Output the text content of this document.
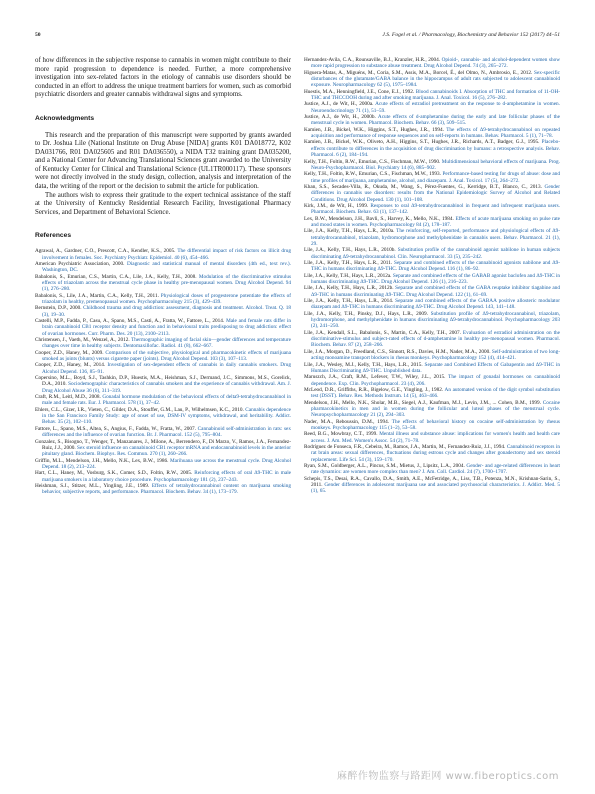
50	J.S. Fogel et al. / Pharmacology, Biochemistry and Behavior 152 (2017) 44–51

of how differences in the subjective response to cannabis in women might contribute to their more rapid progression to dependence is needed. Further, a more comprehensive investigation into sex-related factors in the etiology of cannabis use disorders should be conducted in an effort to address the unique treatment barriers for women, such as comorbid psychiatric disorders and greater cannabis withdrawal signs and symptoms.

Acknowledgments

This research and the preparation of this manuscript were supported by grants awarded to Dr. Joshua Lile (National Institute on Drug Abuse [NIDA] grants K01 DA018772, K02 DA031766, R01 DA025605 and R01 DA036550), a NIDA T32 training grant DA035200, and a National Center for Advancing Translational Sciences grant awarded to the University of Kentucky Center for Clinical and Translational Science (UL1TR000117). These sponsors were not directly involved in the study design, collection, analysis and interpretation of the data, the writing of the report or the decision to submit the article for publication.

The authors wish to express their gratitude to the expert technical assistance of the staff at the University of Kentucky Residential Research Facility, Investigational Pharmacy Services, and Department of Behavioral Science.

References
Agrawal, A., Gardner, C.O., Prescott, C.A., Kendler, K.S., 2005. The differential impact of risk factors on illicit drug involvement in females. Soc. Psychiatry Psychiatr. Epidemiol. 40 (6), 454–466.
American Psychiatric Association, 2000. Diagnostic and statistical manual of mental disorders (4th ed., text rev.). Washington, DC.
Babalonis, S., Emurian, C.S., Martin, C.A., Lile, J.A., Kelly, T.H., 2008. Modulation of the discriminative stimulus effects of triazolam across the menstrual cycle phase in healthy pre-menopausal women. Drug Alcohol Depend. 94 (1), 276–280.
Babalonis, S., Lile, J.A., Martin, C.A., Kelly, T.H., 2011. Physiological doses of progesterone potentiate the effects of triazolam in healthy, premenopausal women. Psychopharmacology 215 (3), 429–439.
Bernstein, D.P., 2000. Childhood trauma and drug addiction: assessment, diagnosis and treatment. Alcohol. Treat. Q. 18 (3), 19–30.
Castelli, M.P., Fadda, P., Casu, A., Spano, M.S., Casti, A., Fratta, W., Fattore, L., 2014. Male and female rats differ in brain cannabinoid CB1 receptor density and function and in behavioural traits predisposing to drug addiction: effect of ovarian hormones. Curr. Pharm. Des. 20 (13), 2100–2113.
Christensen, J., Vaeth, M., Wenzel, A., 2012. Thermographic imaging of facial skin—gender differences and temperature changes over time in healthy subjects. Dentomaxillofac. Radiol. 41 (8), 662–667.
Cooper, Z.D., Haney, M., 2009. Comparison of the subjective, physiological and pharmacokinetic effects of marijuana smoked as joints (blunts) versus cigarette paper (joints). Drug Alcohol Depend. 103 (3), 107–113.
Cooper, Z.D., Haney, M., 2014. Investigation of sex-dependent effects of cannabis in daily cannabis smokers. Drug Alcohol Depend. 136, 85–91.
Copersino, M.L., Boyd, S.J., Tashkin, D.P., Huestis, M.A., Heishman, S.J., Dermand, J.C., Simmons, M.S., Gorelick, D.A., 2010. Sociodemographic characteristics of cannabis smokers and the experience of cannabis withdrawal. Am. J. Drug Alcohol Abuse 36 (6), 311–319.
Craft, R.M., Leitl, M.D., 2008. Gonadal hormone modulation of the behavioral effects of delta9-tetrahydrocannabinol in male and female rats. Eur. J. Pharmacol. 578 (1), 37–42.
Ehlers, C.L., Gizer, I.R., Vieten, C., Gilder, D.A., Stouffer, G.M., Lau, P., Wilhelmsen, K.C., 2010. Cannabis dependence in the San Francisco Family Study: age of onset of use, DSM-IV symptoms, withdrawal, and heritability. Addict. Behav. 35 (2), 102–110.
Fattore, L., Spano, M.S., Altea, S., Angius, F., Fadda, W., Fratta, W., 2007. Cannabinoid self-administration in rats: sex differences and the influence of ovarian function. Br. J. Pharmacol. 152 (5), 795–804.
Gonzalez, S., Bisogno, T., Wenger, T., Manzanares, J., Milone, A., Berrendero, F., Di Marzo, V., Ramos, J.A., Fernandez-Ruiz, J.J., 2000. Sex steroid influence on cannabinoid CB1 receptor mRNA and endocannabinoid levels in the anterior pituitary gland. Biochem. Biophys. Res. Commun. 270 (1), 260–266.
Griffin, M.L., Mendelson, J.H., Mello, N.K., Lex, B.W., 1986. Marihuana use across the menstrual cycle. Drug Alcohol Depend. 18 (2), 213–224.
Hart, C.L., Haney, M., Vosburg, S.K., Comer, S.D., Foltin, R.W., 2005. Reinforcing effects of oral Δ9-THC in male marijuana smokers in a laboratory choice procedure. Psychopharmacology 181 (2), 237–243.
Heishman, S.J., Stitzer, M.L., Yingling, J.E., 1989. Effects of tetrahydrocannabinol content on marijuana smoking behavior, subjective reports, and performance. Pharmacol. Biochem. Behav. 34 (1), 173–179.
Hernandez-Avila, C.A., Rounsaville, B.J., Kranzler, H.R., 2004. Opioid-, cannabis- and alcohol-dependent women show more rapid progression to substance abuse treatment. Drug Alcohol Depend. 74 (3), 265–272.
Higuera-Matas, A., Miguéns, M., Coria, S.M., Assis, M.A., Borcel, É., del Olmo, N., Ambrosio, E., 2012. Sex-specific disturbances of the glutamate/GABA balance in the hippocampus of adult rats subjected to adolescent cannabinoid exposure. Neuropharmacology 62 (5), 1975–1984.
Huestis, M.A., Henningfield, J.E., Cone, E.J., 1992. Blood cannabinoids I. Absorption of THC and formation of 11-OH-THC and THCCOOH during and after smoking marijuana. J. Anal. Toxicol. 16 (5), 276–282.
Justice, A.J., de Wit, H., 2000a. Acute effects of estradiol pretreatment on the response to d-amphetamine in women. Neuroendocrinology 71 (1), 51–59.
Justice, A.J., de Wit, H., 2000b. Acute effects of d-amphetamine during the early and late follicular phases of the menstrual cycle in women. Pharmacol. Biochem. Behav. 66 (3), 509–515.
Kamien, J.B., Bickel, W.K., Higgins, S.T., Hughes, J.R., 1994. The effects of Δ9-tetrahydrocannabinol on repeated acquisition and performance of response sequences and on self-reports in humans. Behav. Pharmacol. 5 (1), 71–78.
Kamien, J.B., Bickel, W.K., Oliveto, A.H., Higgins, S.T., Hughes, J.R., Richards, A.T., Badger, G.J., 1995. Placebo-effects contribute to differences in the acquisition of drug discrimination by humans: a retrospective analysis. Behav. Pharmacol. 6 (2), 184–194.
Kelly, T.H., Foltin, R.W., Emurian, C.S., Fischman, M.W., 1990. Multidimensional behavioral effects of marijuana. Prog. Neuro-Psychopharmacol. Biol. Psychiatry 14 (6), 885–902.
Kelly, T.H., Foltin, R.W., Emurian, C.S., Fischman, M.W., 1993. Performance-based testing for drugs of abuse: dose and time profiles of marijuana, amphetamine, alcohol, and diazepam. J. Anal. Toxicol. 17 (5), 264–272.
Khan, S.S., Secades-Villa, R., Okuda, M., Wang, S., Pérez-Fuentes, G., Kerridge, B.T., Blanco, C., 2013. Gender differences in cannabis use disorders: results from the National Epidemiologic Survey of Alcohol and Related Conditions. Drug Alcohol Depend. 130 (1), 101–108.
Kirk, J.M., de Wit, H., 1999. Responses to oral Δ9-tetrahydrocannabinol in frequent and infrequent marijuana users. Pharmacol. Biochem. Behav. 63 (1), 137–142.
Lex, B.W., Mendelson, J.H., Bavli, S., Harvey, K., Mello, N.K., 1984. Effects of acute marijuana smoking on pulse rate and mood states in women. Psychopharmacology 84 (2), 178–187.
Lile, J.A., Kelly, T.H., Hays, L.R., 2010a. The reinforcing, self-reported, performance and physiological effects of Δ9-tetrahydrocannabinol, triazolam, hydromorphone and methylphenidate in cannabis users. Behav. Pharmacol. 21 (1), 29.
Lile, J.A., Kelly, T.H., Hays, L.R., 2010b. Substitution profile of the cannabinoid agonist nabilone in human subjects discriminating Δ9-tetrahydrocannabinol. Clin. Neuropharmacol. 33 (5), 235–242.
Lile, J.A., Kelly, T.H., Hays, L.R., 2011. Separate and combined effects of the cannabinoid agonists nabilone and Δ9-THC in humans discriminating Δ9-THC. Drug Alcohol Depend. 116 (1), 86–92.
Lile, J.A., Kelly, T.H., Hays, L.R., 2012a. Separate and combined effects of the GABAB agonist baclofen and Δ9-THC in humans discriminating Δ9-THC. Drug Alcohol Depend. 126 (1), 216–223.
Lile, J.A., Kelly, T.H., Hays, L.R., 2012b. Separate and combined effects of the GABA reuptake inhibitor tiagabine and Δ9-THC in humans discriminating Δ9-THC. Drug Alcohol Depend. 122 (1), 61–69.
Lile, J.A., Kelly, T.H., Hays, L.R., 2014. Separate and combined effects of the GABAA positive allosteric modulator diazepam and Δ9-THC in humans discriminating Δ9-THC. Drug Alcohol Depend. 143, 141–148.
Lile, J.A., Kelly, T.H., Pinsky, D.J., Hays, L.R., 2009. Substitution profile of Δ9-tetrahydrocannabinol, triazolam, hydromorphone, and methylphenidate in humans discriminating Δ9-tetrahydrocannabinol. Psychopharmacology 203 (2), 241–250.
Lile, J.A., Kendall, S.L., Babalonis, S., Martin, C.A., Kelly, T.H., 2007. Evaluation of estradiol administration on the discriminative-stimulus and subject-rated effects of d-amphetamine in healthy pre-menopausal women. Pharmacol. Biochem. Behav. 87 (2), 258–266.
Lile, J.A., Morgan, D., Freedland, C.S., Sinnott, R.S., Davies, H.M., Nader, M.A., 2000. Self-administration of two long-acting monoamine transport blockers in rhesus monkeys. Psychopharmacology 152 (4), 414–421.
Lile, J.A., Wesley, M.J., Kelly, T.H., Hays, L.R., 2015. Separate and Combined Effects of Gabapentin and Δ9-THC in Humans Discriminating Δ9-THC. Unpublished data.
Maruszch, J.A., Craft, R.M., Lefever, T.W., Wiley, J.L., 2015. The impact of gonadal hormones on cannabinoid dependence. Exp. Clin. Psychopharmacol. 23 (4), 206.
McLeod, D.R., Griffiths, R.R., Bigelow, G.E., Yingling, J., 1982. An automated version of the digit symbol substitution test (DSST). Behav. Res. Methods Instrum. 14 (5), 463–466.
Mendelson, J.H., Mello, N.K., Sholar, M.B., Siegel, A.J., Kaufman, M.J., Levin, J.M., ... Cohen, B.M., 1999. Cocaine pharmacokinetics in men and in women during the follicular and luteal phases of the menstrual cycle. Neuropsychopharmacology 21 (2), 294–303.
Nader, M.A., Reboussin, D.M., 1994. The effects of behavioral history on cocaine self-administration by rhesus monkeys. Psychopharmacology 115 (1–2), 53–58.
Reed, B.G., Mowbray, C.T., 1999. Mental illness and substance abuse: implications for women's health and health care access. J. Am. Med. Women's Assoc. 54 (2), 71–78.
Rodríguez de Fonseca, F.R., Cebeira, M., Ramos, J.A., Martin, M., Fernandez-Ruiz, J.J., 1994. Cannabinoid receptors in rat brain areas: sexual differences, fluctuations during estrous cycle and changes after gonadectomy and sex steroid replacement. Life Sci. 54 (3), 159–170.
Ryan, S.M., Goldberger, A.L., Pincus, S.M., Mietus, J., Lipsitz, L.A., 2004. Gender- and age-related differences in heart rate dynamics: are women more complex than men? J. Am. Coll. Cardiol. 24 (7), 1700–1707.
Schepis, T.S., Desai, R.A., Cavallo, D.A., Smith, A.E., McFetridge, A., Liss, T.B., Potenza, M.N., Krishnan-Sarin, S., 2011. Gender differences in adolescent marijuana use and associated psychosocial characteristics. J. Addict. Med. 5 (1), 65.
麻醉作物监察与路距网 www.fiberoptics.com
